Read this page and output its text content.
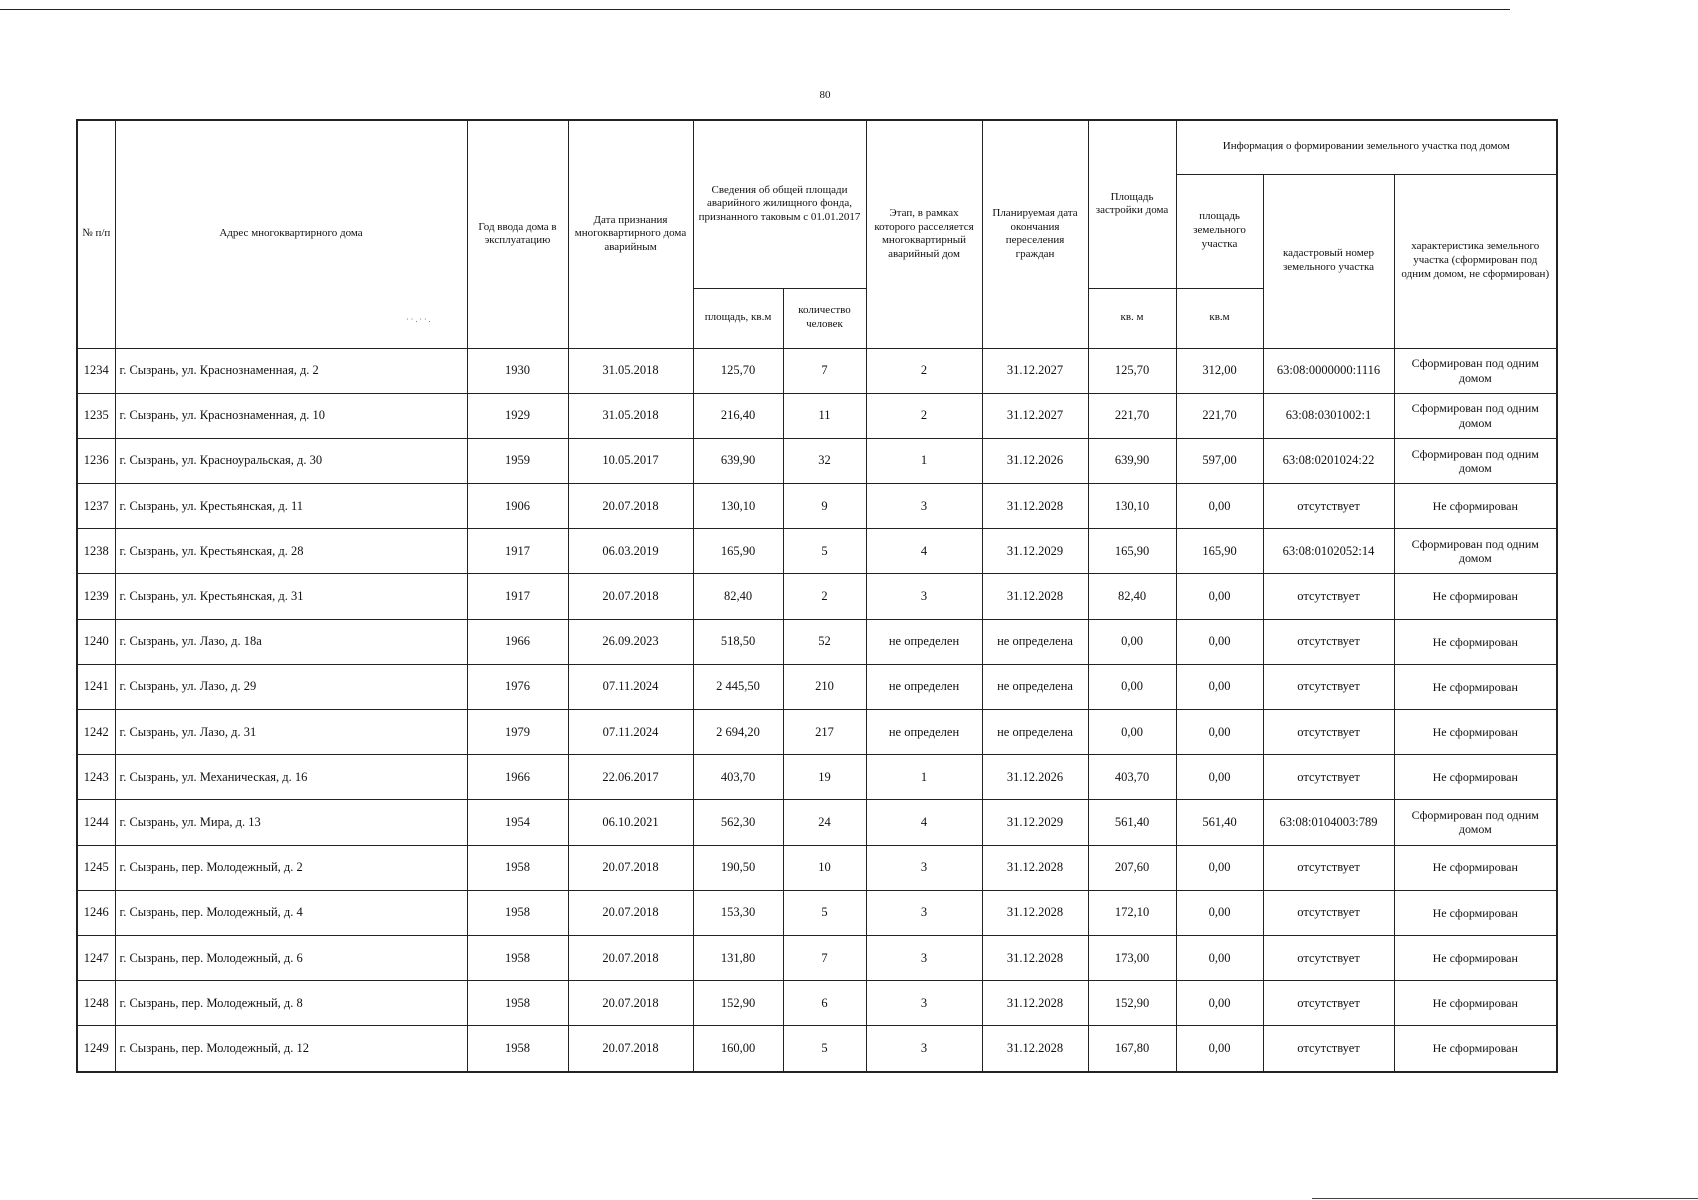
80
№ п/п	Адрес многоквартирного дома	Год ввода дома в эксплуатацию	Дата признания многоквартирного дома аварийным	Сведения об общей площади аварийного жилищного фонда, признанного таковым с 01.01.2017		Этап, в рамках которого расселяется многоквартирный аварийный дом	Планируемая дата окончания переселения граждан	Площадь застройки дома	Информация о формировании земельного участка под домом		
									площадь земельного участка	кадастровый номер земельного участка	характеристика земельного участка (сформирован под одним домом, не сформирован)
				площадь, кв.м	количество человек			кв. м	кв.м		
1234	г. Сызрань, ул. Краснознаменная, д. 2	1930	31.05.2018	125,70	7	2	31.12.2027	125,70	312,00	63:08:0000000:1116	Сформирован под одним домом
1235	г. Сызрань, ул. Краснознаменная, д. 10	1929	31.05.2018	216,40	11	2	31.12.2027	221,70	221,70	63:08:0301002:1	Сформирован под одним домом
1236	г. Сызрань, ул. Красноуральская, д. 30	1959	10.05.2017	639,90	32	1	31.12.2026	639,90	597,00	63:08:0201024:22	Сформирован под одним домом
1237	г. Сызрань, ул. Крестьянская, д. 11	1906	20.07.2018	130,10	9	3	31.12.2028	130,10	0,00	отсутствует	Не сформирован
1238	г. Сызрань, ул. Крестьянская, д. 28	1917	06.03.2019	165,90	5	4	31.12.2029	165,90	165,90	63:08:0102052:14	Сформирован под одним домом
1239	г. Сызрань, ул. Крестьянская, д. 31	1917	20.07.2018	82,40	2	3	31.12.2028	82,40	0,00	отсутствует	Не сформирован
1240	г. Сызрань, ул. Лазо, д. 18а	1966	26.09.2023	518,50	52	не определен	не определена	0,00	0,00	отсутствует	Не сформирован
1241	г. Сызрань, ул. Лазо, д. 29	1976	07.11.2024	2 445,50	210	не определен	не определена	0,00	0,00	отсутствует	Не сформирован
1242	г. Сызрань, ул. Лазо, д. 31	1979	07.11.2024	2 694,20	217	не определен	не определена	0,00	0,00	отсутствует	Не сформирован
1243	г. Сызрань, ул. Механическая, д. 16	1966	22.06.2017	403,70	19	1	31.12.2026	403,70	0,00	отсутствует	Не сформирован
1244	г. Сызрань, ул. Мира, д. 13	1954	06.10.2021	562,30	24	4	31.12.2029	561,40	561,40	63:08:0104003:789	Сформирован под одним домом
1245	г. Сызрань, пер. Молодежный, д. 2	1958	20.07.2018	190,50	10	3	31.12.2028	207,60	0,00	отсутствует	Не сформирован
1246	г. Сызрань, пер. Молодежный, д. 4	1958	20.07.2018	153,30	5	3	31.12.2028	172,10	0,00	отсутствует	Не сформирован
1247	г. Сызрань, пер. Молодежный, д. 6	1958	20.07.2018	131,80	7	3	31.12.2028	173,00	0,00	отсутствует	Не сформирован
1248	г. Сызрань, пер. Молодежный, д. 8	1958	20.07.2018	152,90	6	3	31.12.2028	152,90	0,00	отсутствует	Не сформирован
1249	г. Сызрань, пер. Молодежный, д. 12	1958	20.07.2018	160,00	5	3	31.12.2028	167,80	0,00	отсутствует	Не сформирован
· · . · · .
